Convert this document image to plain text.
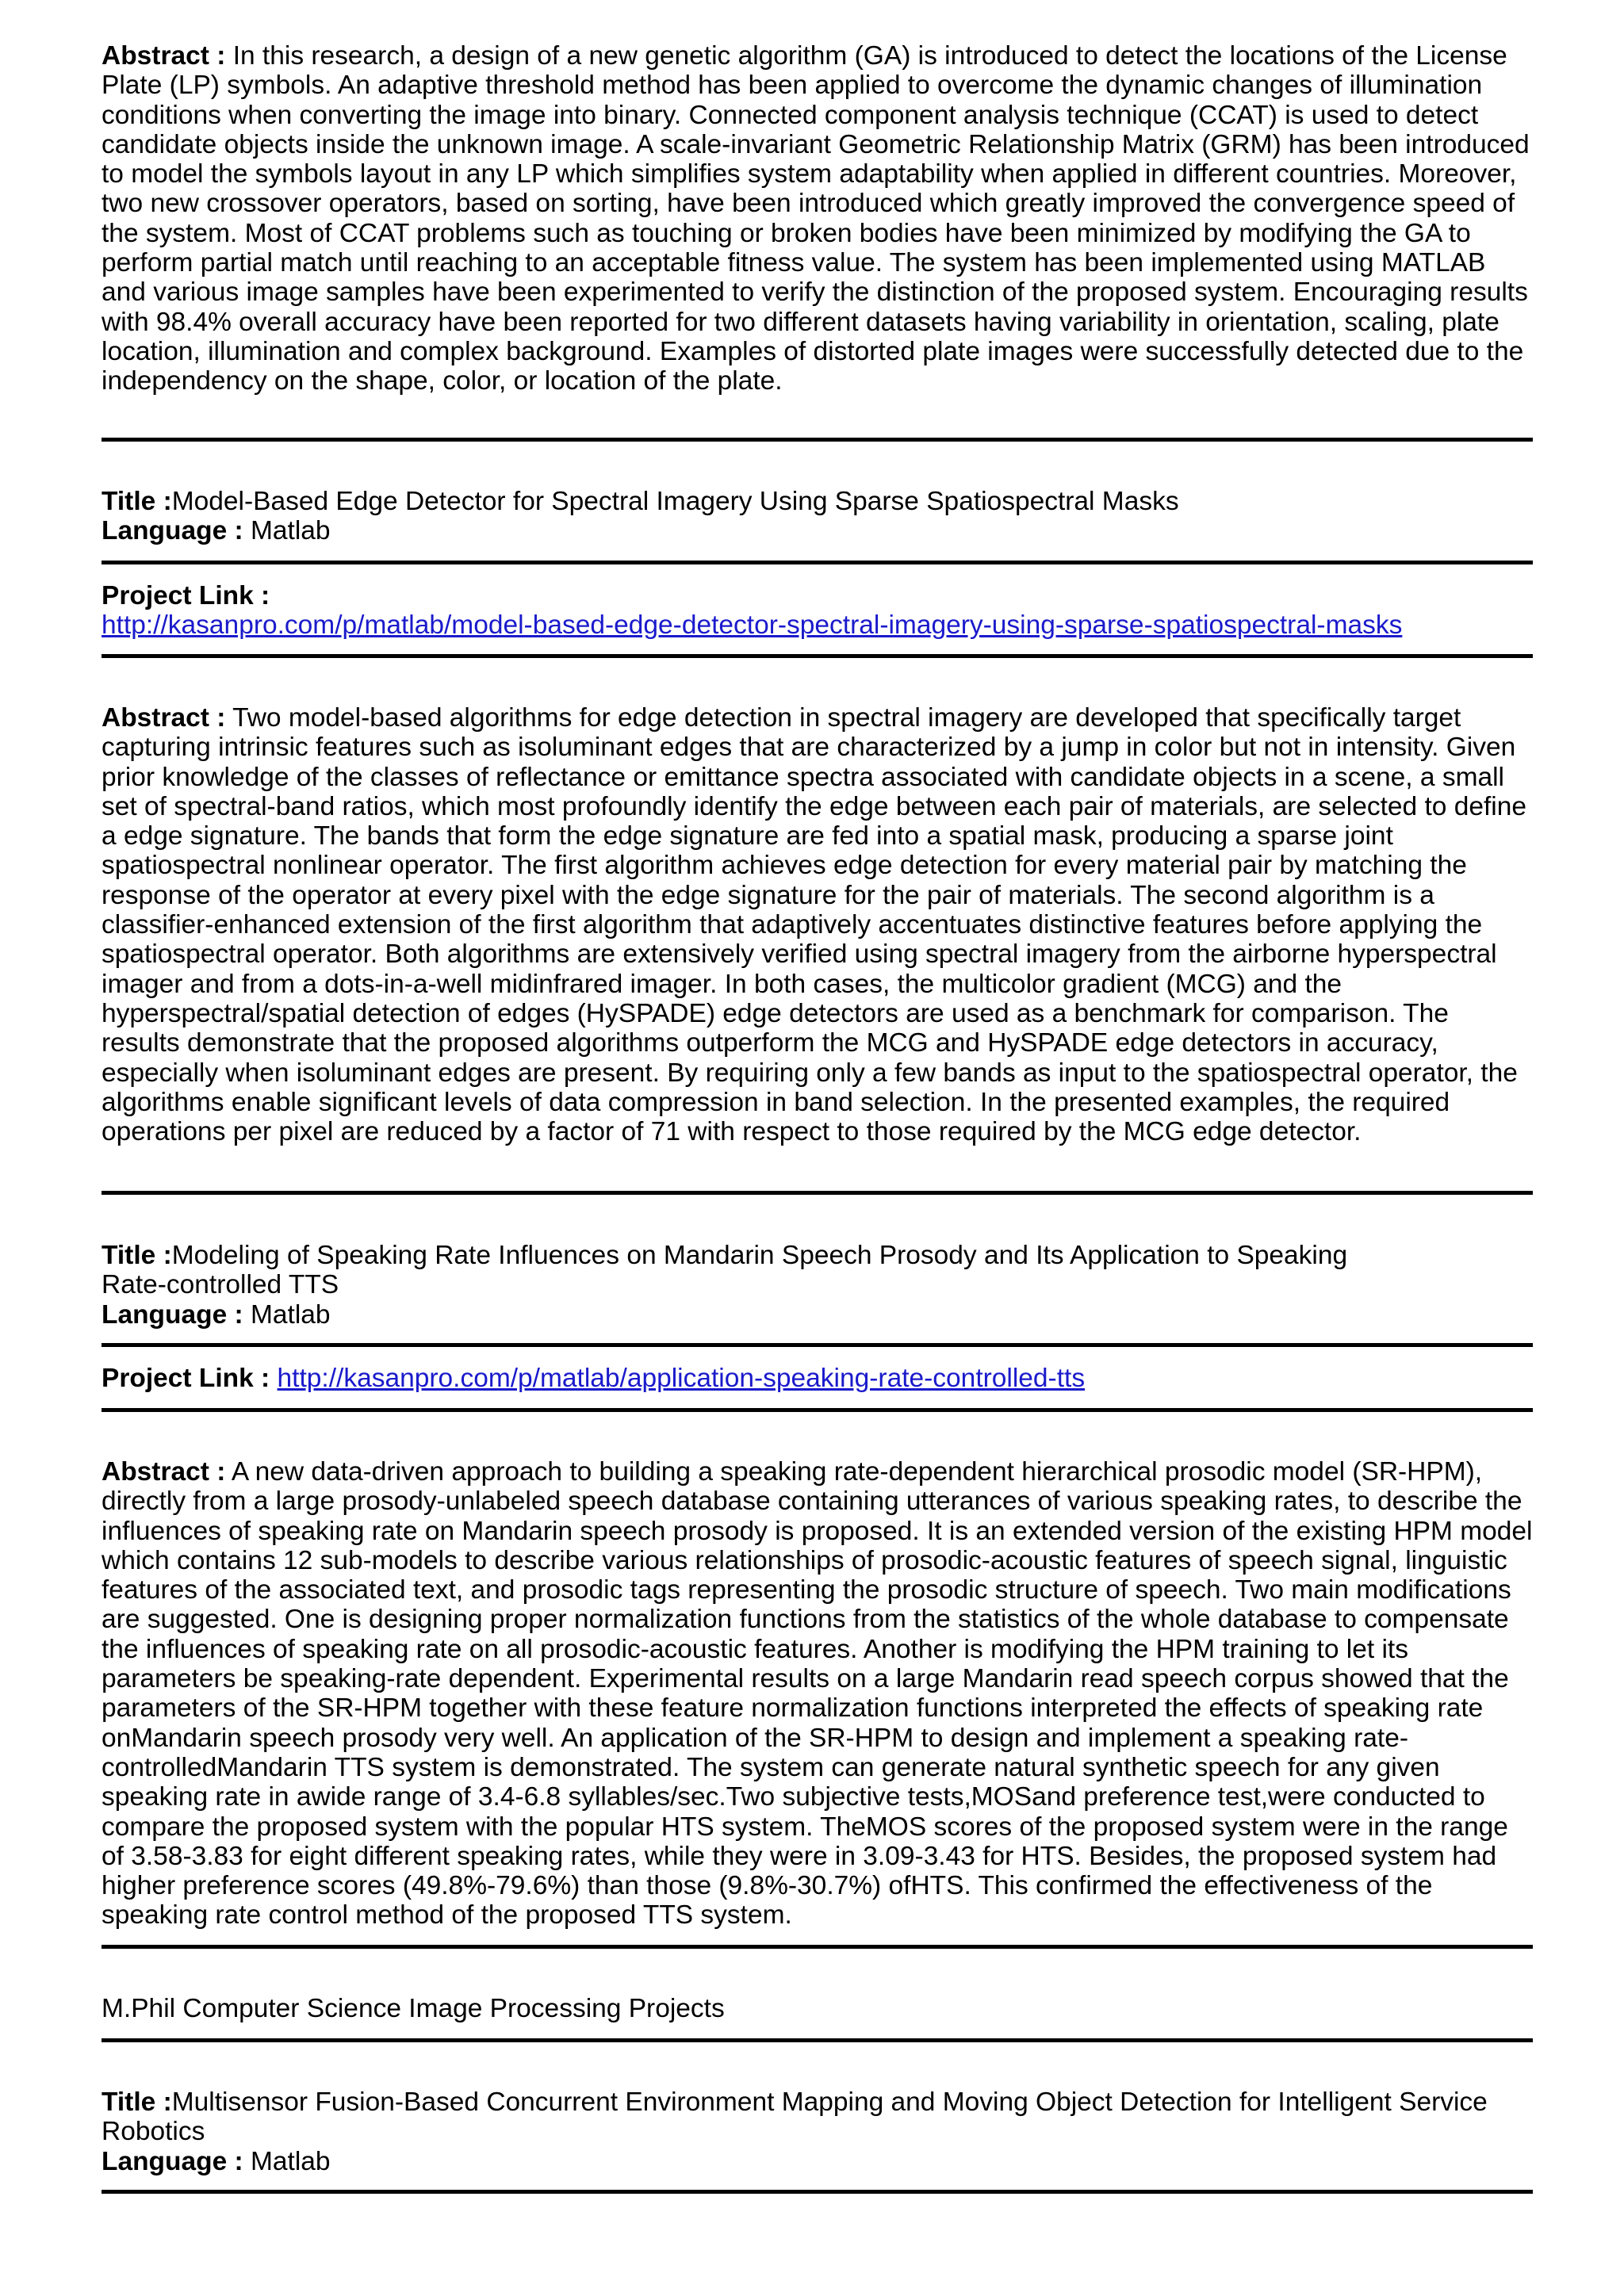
Abstract : In this research, a design of a new genetic algorithm (GA) is introduced to detect the locations of the License Plate (LP) symbols. An adaptive threshold method has been applied to overcome the dynamic changes of illumination conditions when converting the image into binary. Connected component analysis technique (CCAT) is used to detect candidate objects inside the unknown image. A scale-invariant Geometric Relationship Matrix (GRM) has been introduced to model the symbols layout in any LP which simplifies system adaptability when applied in different countries. Moreover, two new crossover operators, based on sorting, have been introduced which greatly improved the convergence speed of the system. Most of CCAT problems such as touching or broken bodies have been minimized by modifying the GA to perform partial match until reaching to an acceptable fitness value. The system has been implemented using MATLAB and various image samples have been experimented to verify the distinction of the proposed system. Encouraging results with 98.4% overall accuracy have been reported for two different datasets having variability in orientation, scaling, plate location, illumination and complex background. Examples of distorted plate images were successfully detected due to the independency on the shape, color, or location of the plate.

Title :Model-Based Edge Detector for Spectral Imagery Using Sparse Spatiospectral Masks

Language : Matlab

Project Link :

http://kasanpro.com/p/matlab/model-based-edge-detector-spectral-imagery-using-sparse-spatiospectral-masks

Abstract : Two model-based algorithms for edge detection in spectral imagery are developed that specifically target capturing intrinsic features such as isoluminant edges that are characterized by a jump in color but not in intensity. Given prior knowledge of the classes of reflectance or emittance spectra associated with candidate objects in a scene, a small set of spectral-band ratios, which most profoundly identify the edge between each pair of materials, are selected to define a edge signature. The bands that form the edge signature are fed into a spatial mask, producing a sparse joint spatiospectral nonlinear operator. The first algorithm achieves edge detection for every material pair by matching the response of the operator at every pixel with the edge signature for the pair of materials. The second algorithm is a classifier-enhanced extension of the first algorithm that adaptively accentuates distinctive features before applying the spatiospectral operator. Both algorithms are extensively verified using spectral imagery from the airborne hyperspectral imager and from a dots-in-a-well midinfrared imager. In both cases, the multicolor gradient (MCG) and the hyperspectral/spatial detection of edges (HySPADE) edge detectors are used as a benchmark for comparison. The results demonstrate that the proposed algorithms outperform the MCG and HySPADE edge detectors in accuracy, especially when isoluminant edges are present. By requiring only a few bands as input to the spatiospectral operator, the algorithms enable significant levels of data compression in band selection. In the presented examples, the required operations per pixel are reduced by a factor of 71 with respect to those required by the MCG edge detector.

Title :Modeling of Speaking Rate Influences on Mandarin Speech Prosody and Its Application to Speaking Rate-controlled TTS

Language : Matlab

Project Link : http://kasanpro.com/p/matlab/application-speaking-rate-controlled-tts

Abstract : A new data-driven approach to building a speaking rate-dependent hierarchical prosodic model (SR-HPM), directly from a large prosody-unlabeled speech database containing utterances of various speaking rates, to describe the influences of speaking rate on Mandarin speech prosody is proposed. It is an extended version of the existing HPM model which contains 12 sub-models to describe various relationships of prosodic-acoustic features of speech signal, linguistic features of the associated text, and prosodic tags representing the prosodic structure of speech. Two main modifications are suggested. One is designing proper normalization functions from the statistics of the whole database to compensate the influences of speaking rate on all prosodic-acoustic features. Another is modifying the HPM training to let its parameters be speaking-rate dependent. Experimental results on a large Mandarin read speech corpus showed that the parameters of the SR-HPM together with these feature normalization functions interpreted the effects of speaking rate onMandarin speech prosody very well. An application of the SR-HPM to design and implement a speaking rate-controlledMandarin TTS system is demonstrated. The system can generate natural synthetic speech for any given speaking rate in awide range of 3.4-6.8 syllables/sec.Two subjective tests,MOSand preference test,were conducted to compare the proposed system with the popular HTS system. TheMOS scores of the proposed system were in the range of 3.58-3.83 for eight different speaking rates, while they were in 3.09-3.43 for HTS. Besides, the proposed system had higher preference scores (49.8%-79.6%) than those (9.8%-30.7%) ofHTS. This confirmed the effectiveness of the speaking rate control method of the proposed TTS system.

M.Phil Computer Science Image Processing Projects

Title :Multisensor Fusion-Based Concurrent Environment Mapping and Moving Object Detection for Intelligent Service Robotics

Language : Matlab
